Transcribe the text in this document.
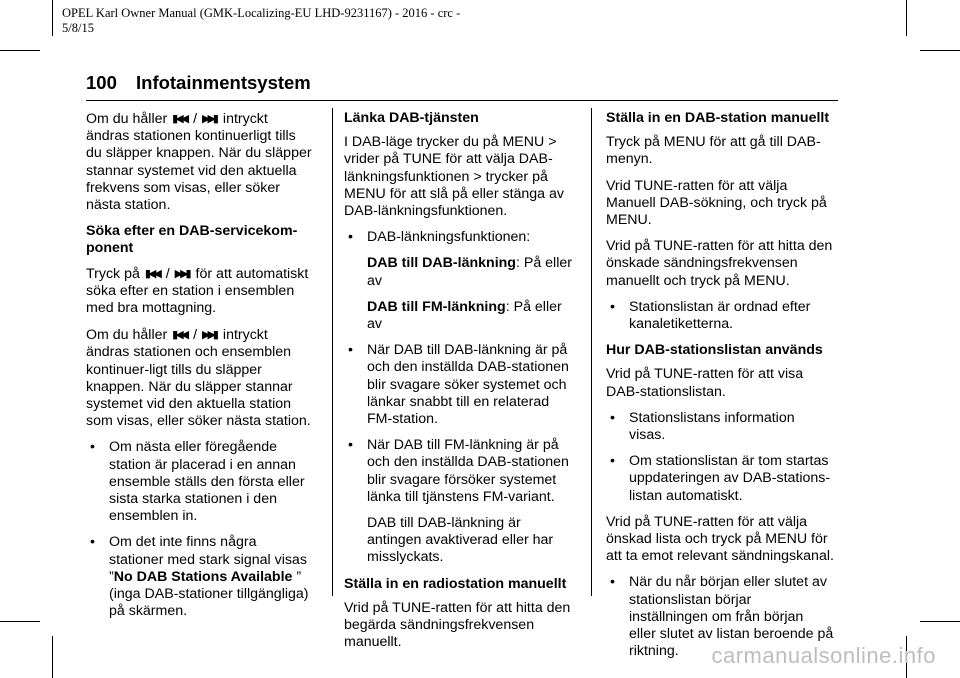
OPEL Karl Owner Manual (GMK-Localizing-EU LHD-9231167) - 2016 - crc -
5/8/15
100 Infotainmentsystem

Om du håller ▮◀◀ / ▶▶▮ intryckt ändras stationen kontinuerligt tills du släpper knappen. När du släpper stannar systemet vid den aktuella frekvens som visas, eller söker nästa station.

Söka efter en DAB-servicekom-ponent

Tryck på ▮◀◀ / ▶▶▮ för att automatiskt söka efter en station i ensemblen med bra mottagning.

Om du håller ▮◀◀ / ▶▶▮ intryckt ändras stationen och ensemblen kontinuer-ligt tills du släpper knappen. När du släpper stannar systemet vid den aktuella station som visas, eller söker nästa station.

• Om nästa eller föregående station är placerad i en annan ensemble ställs den första eller sista starka stationen i den ensemblen in.
• Om det inte finns några stationer med stark signal visas ”No DAB Stations Available ” (inga DAB-stationer tillgängliga) på skärmen.
Länka DAB-tjänsten

I DAB-läge trycker du på MENU > vrider på TUNE för att välja DAB-länkningsfunktionen > trycker på MENU för att slå på eller stänga av DAB-länkningsfunktionen.

• DAB-länkningsfunktionen:
DAB till DAB-länkning: På eller av
DAB till FM-länkning: På eller av
• När DAB till DAB-länkning är på och den inställda DAB-stationen blir svagare söker systemet och länkar snabbt till en relaterad FM-station.
• När DAB till FM-länkning är på och den inställda DAB-stationen blir svagare försöker systemet länka till tjänstens FM-variant.
DAB till DAB-länkning är antingen avaktiverad eller har misslyckats.
Ställa in en radiostation manuellt

Vrid på TUNE-ratten för att hitta den begärda sändningsfrekvensen manuellt.

Ställa in en DAB-station manuellt

Tryck på MENU för att gå till DAB-menyn.

Vrid TUNE-ratten för att välja Manuell DAB-sökning, och tryck på MENU.

Vrid på TUNE-ratten för att hitta den önskade sändningsfrekvensen manuellt och tryck på MENU.

• Stationslistan är ordnad efter kanaletiketterna.
Hur DAB-stationslistan används

Vrid på TUNE-ratten för att visa DAB-stationslistan.

• Stationslistans information visas.
• Om stationslistan är tom startas uppdateringen av DAB-stations-listan automatiskt.

Vrid på TUNE-ratten för att välja önskad lista och tryck på MENU för att ta emot relevant sändningskanal.

• När du når början eller slutet av stationslistan börjar inställningen om från början eller slutet av listan beroende på riktning.	carmanualsonline.info
